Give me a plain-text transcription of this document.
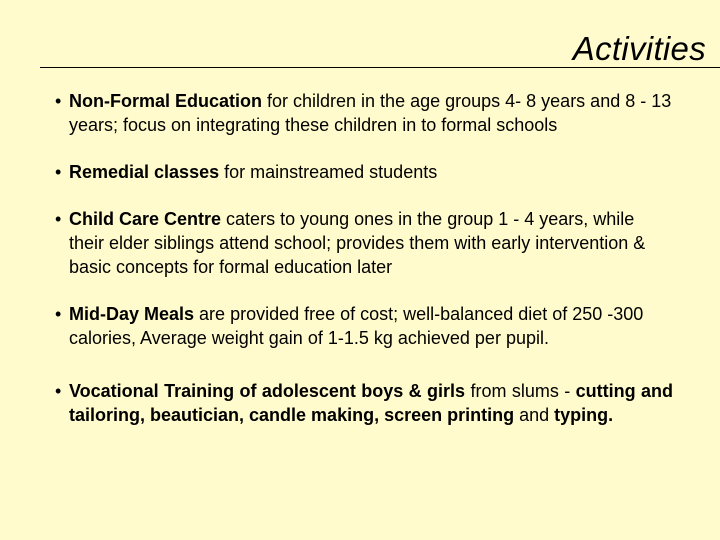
Activities
• Non-Formal Education for children in the age groups 4- 8 years and 8 - 13 years; focus on integrating these children in to formal schools
• Remedial classes for mainstreamed students
• Child Care Centre caters to young ones in the group 1 - 4 years, while their elder siblings attend school; provides them with early intervention & basic concepts for formal education later
• Mid-Day Meals are provided free of cost; well-balanced diet of 250 -300 calories, Average weight gain of 1-1.5 kg achieved per pupil.
• Vocational Training of adolescent boys & girls from slums - cutting and tailoring, beautician, candle making, screen printing and typing.
